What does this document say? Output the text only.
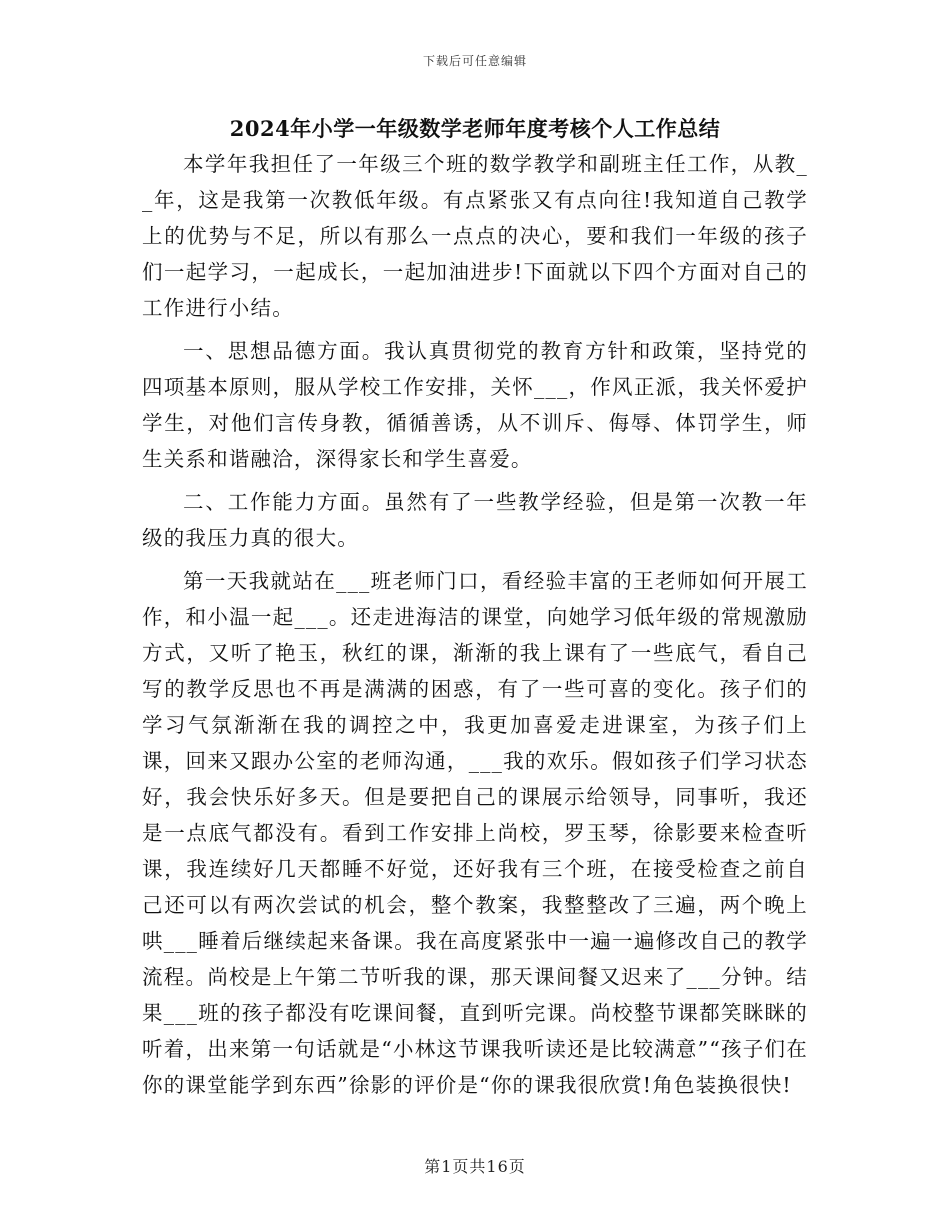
下载后可任意编辑
2024年小学一年级数学老师年度考核个人工作总结

本学年我担任了一年级三个班的数学教学和副班主任工作，从教__年，这是我第一次教低年级。有点紧张又有点向往!我知道自己教学上的优势与不足，所以有那么一点点的决心，要和我们一年级的孩子们一起学习，一起成长，一起加油进步!下面就以下四个方面对自己的工作进行小结。

一、思想品德方面。我认真贯彻党的教育方针和政策，坚持党的四项基本原则，服从学校工作安排，关怀___，作风正派，我关怀爱护学生，对他们言传身教，循循善诱，从不训斥、侮辱、体罚学生，师生关系和谐融洽，深得家长和学生喜爱。

二、工作能力方面。虽然有了一些教学经验，但是第一次教一年级的我压力真的很大。

第一天我就站在___班老师门口，看经验丰富的王老师如何开展工作，和小温一起___。还走进海洁的课堂，向她学习低年级的常规激励方式，又听了艳玉，秋红的课，渐渐的我上课有了一些底气，看自己写的教学反思也不再是满满的困惑，有了一些可喜的变化。孩子们的学习气氛渐渐在我的调控之中，我更加喜爱走进课室，为孩子们上课，回来又跟办公室的老师沟通，___我的欢乐。假如孩子们学习状态好，我会快乐好多天。但是要把自己的课展示给领导，同事听，我还是一点底气都没有。看到工作安排上尚校，罗玉琴，徐影要来检查听课，我连续好几天都睡不好觉，还好我有三个班，在接受检查之前自己还可以有两次尝试的机会，整个教案，我整整改了三遍，两个晚上哄___睡着后继续起来备课。我在高度紧张中一遍一遍修改自己的教学流程。尚校是上午第二节听我的课，那天课间餐又迟来了___分钟。结果___班的孩子都没有吃课间餐，直到听完课。尚校整节课都笑眯眯的听着，出来第一句话就是“小林这节课我听读还是比较满意”“孩子们在你的课堂能学到东西”徐影的评价是“你的课我很欣赏!角色装换很快!

第1页共16页
